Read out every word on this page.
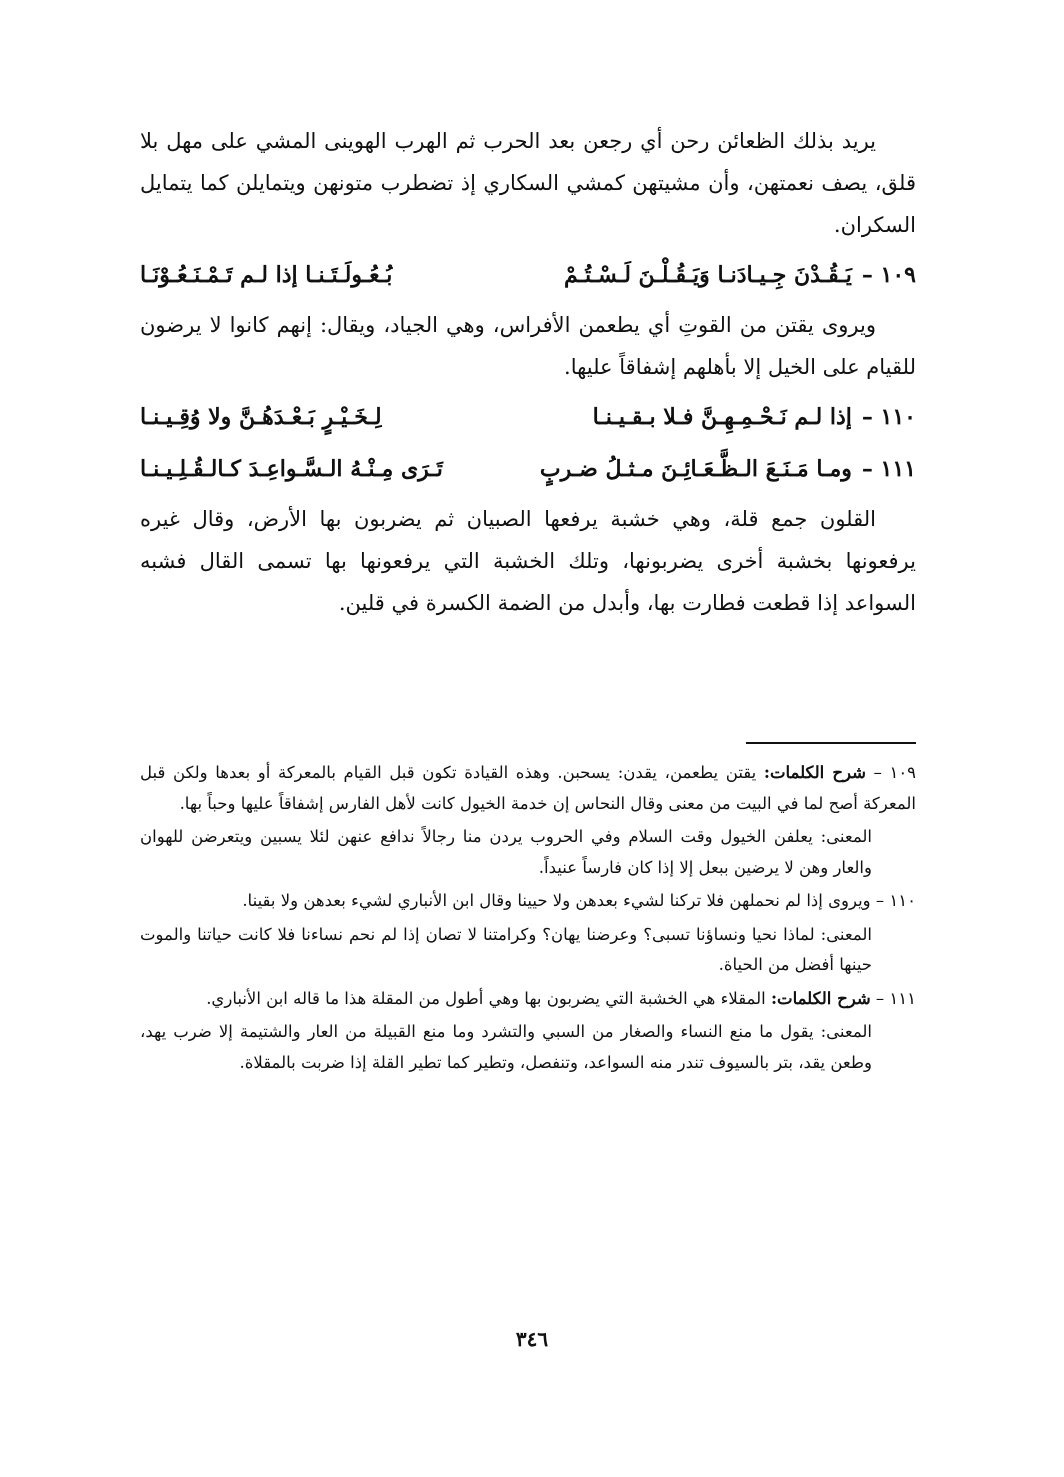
يريد بذلك الظعائن رحن أي رجعن بعد الحرب ثم الهرب الهوينى المشي على مهل بلا قلق، يصف نعمتهن، وأن مشيتهن كمشي السكاري إذ تضطرب متونهن ويتمايلن كما يتمايل السكران.

١٠٩ –
يَـقُـدْنَ جِـيـادَنـا وَيَـقُـلْـنَ لَـسْـتُـمْ
بُـعُـولَـتَـنـا إذا لـم تَـمْـنَـعُـوْنَـا

ويروى يقتن من القوتِ أي يطعمن الأفراس، وهي الجياد، ويقال: إنهم كانوا لا يرضون للقيام على الخيل إلا بأهلهم إشفاقاً عليها.

١١٠ –
إذا لـم نَـحْـمِـهِـنَّ فـلا بـقـيـنـا
لِـخَـيْـرٍ بَـعْـدَهُـنَّ ولا وُقِـيـنـا
١١١ –
ومـا مَـنَـعَ الـظَّـعَـائِـنَ مـثـلُ ضـربٍ
تَـرَى مِـنْـهُ الـسَّـواعِـدَ كـالـقُـلِـيـنـا

القلون جمع قلة، وهي خشبة يرفعها الصبيان ثم يضربون بها الأرض، وقال غيره يرفعونها بخشبة أخرى يضربونها، وتلك الخشبة التي يرفعونها بها تسمى القال فشبه السواعد إذا قطعت فطارت بها، وأبدل من الضمة الكسرة في قلين.

١٠٩ – شرح الكلمات: يقتن يطعمن، يقدن: يسحبن. وهذه القيادة تكون قبل القيام بالمعركة أو بعدها ولكن قبل المعركة أصح لما في البيت من معنى وقال النحاس إن خدمة الخيول كانت لأهل الفارس إشفاقاً عليها وحباً بها.

المعنى: يعلفن الخيول وقت السلام وفي الحروب يردن منا رجالاً ندافع عنهن لئلا يسبين ويتعرضن للهوان والعار وهن لا يرضين ببعل إلا إذا كان فارساً عنيداً.

١١٠ – ويروى إذا لم نحملهن فلا تركنا لشيء بعدهن ولا حيينا وقال ابن الأنباري لشيء بعدهن ولا بقينا.

المعنى: لماذا نحيا ونساؤنا تسبى؟ وعرضنا يهان؟ وكرامتنا لا تصان إذا لم نحم نساءنا فلا كانت حياتنا والموت حينها أفضل من الحياة.

١١١ – شرح الكلمات: المقلاء هي الخشبة التي يضربون بها وهي أطول من المقلة هذا ما قاله ابن الأنباري.

المعنى: يقول ما منع النساء والصغار من السبي والتشرد وما منع القبيلة من العار والشتيمة إلا ضرب يهد، وطعن يقد، بتر بالسيوف تندر منه السواعد، وتنفصل، وتطير كما تطير القلة إذا ضربت بالمقلاة.

٣٤٦
